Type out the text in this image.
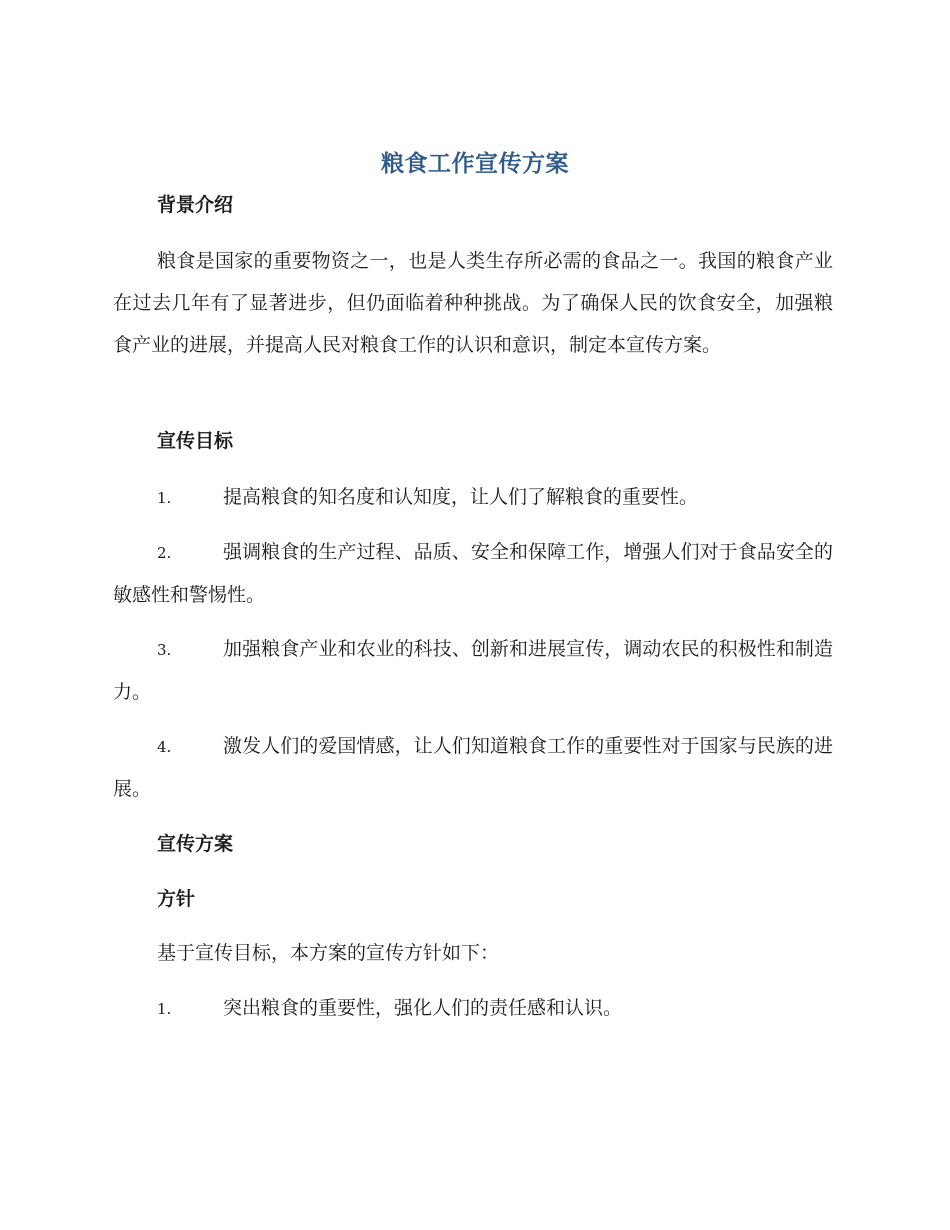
粮食工作宣传方案
背景介绍

粮食是国家的重要物资之一，也是人类生存所必需的食品之一。我国的粮食产业在过去几年有了显著进步，但仍面临着种种挑战。为了确保人民的饮食安全，加强粮食产业的进展，并提高人民对粮食工作的认识和意识，制定本宣传方案。

宣传目标
1.	提高粮食的知名度和认知度，让人们了解粮食的重要性。
2.	强调粮食的生产过程、品质、安全和保障工作，增强人们对于食品安全的敏感性和警惕性。
3.	加强粮食产业和农业的科技、创新和进展宣传，调动农民的积极性和制造力。
4.	激发人们的爱国情感，让人们知道粮食工作的重要性对于国家与民族的进展。
宣传方案
方针
基于宣传目标，本方案的宣传方针如下：
1.	突出粮食的重要性，强化人们的责任感和认识。
